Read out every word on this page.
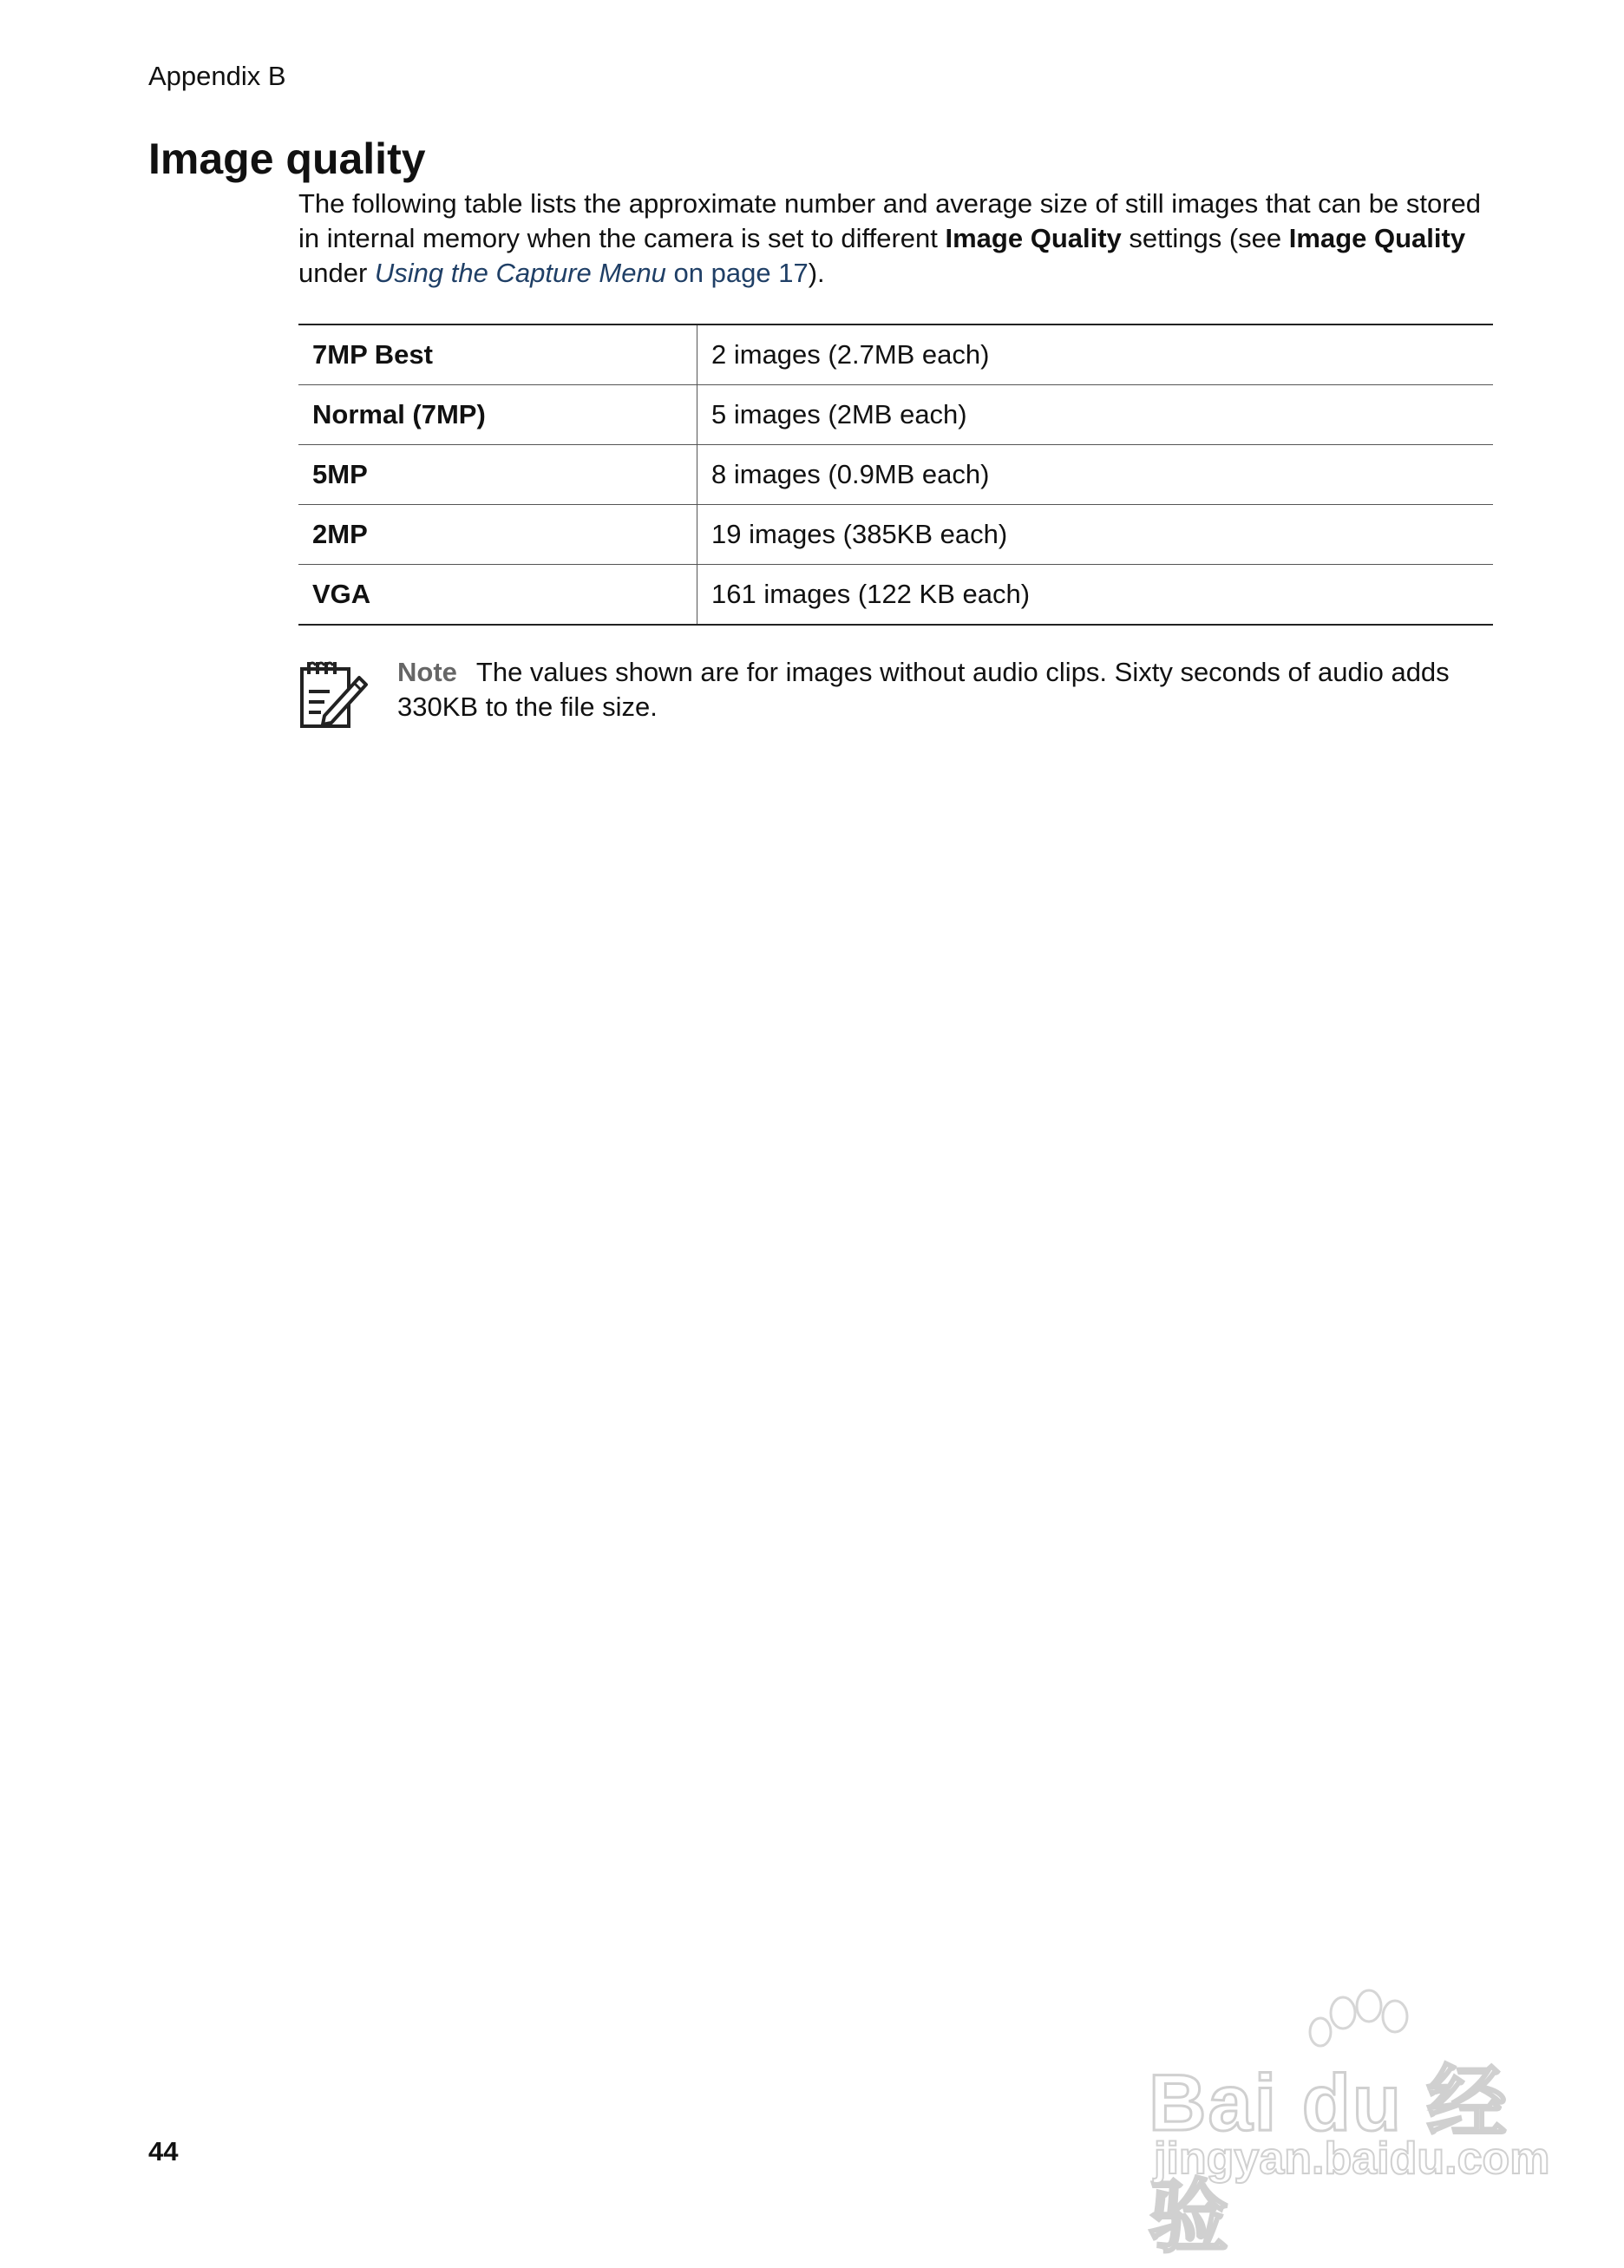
Appendix B
Image quality

The following table lists the approximate number and average size of still images that can be stored in internal memory when the camera is set to different Image Quality settings (see Image Quality under Using the Capture Menu on page 17).

7MP Best	2 images (2.7MB each)
Normal (7MP)	5 images (2MB each)
5MP	8 images (0.9MB each)
2MP	19 images (385KB each)
VGA	161 images (122 KB each)
Note The values shown are for images without audio clips. Sixty seconds of audio adds 330KB to the file size.
44
Bai du 经验
jingyan.baidu.com
